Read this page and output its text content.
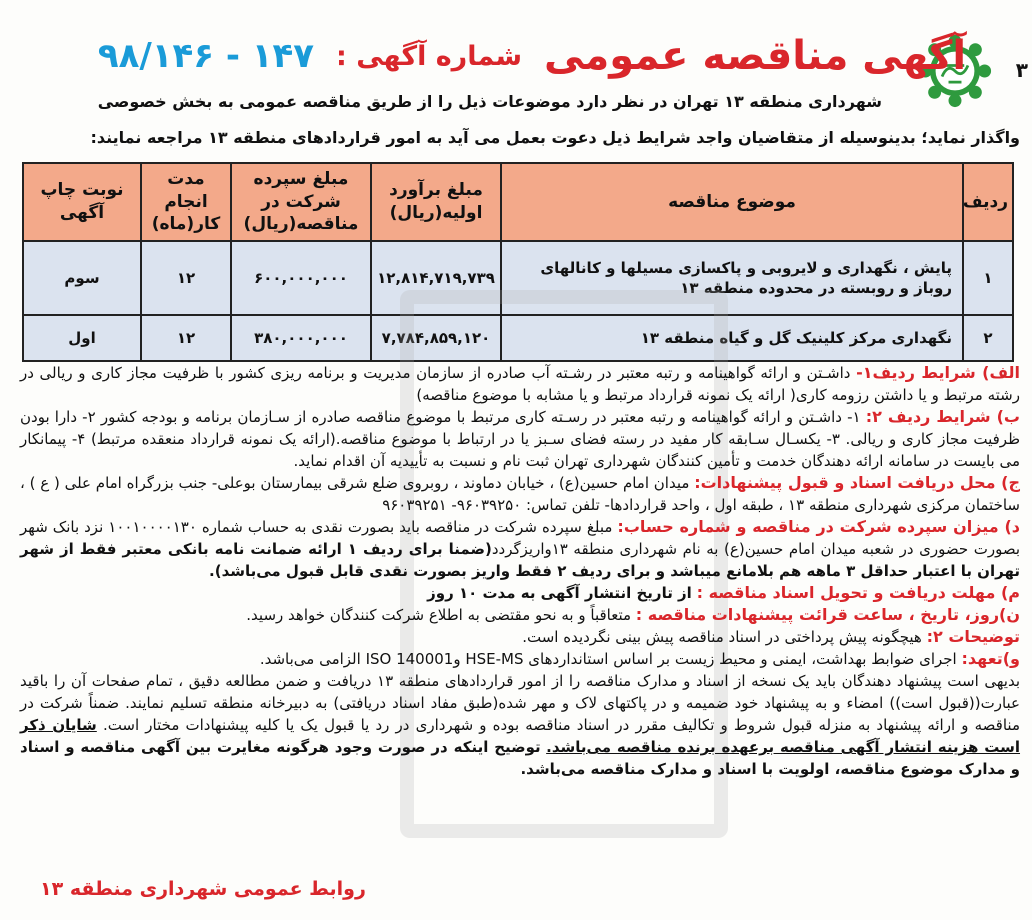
۳
آگهی مناقصه عمومی
شماره آگهی :
۹۸/۱۴۶ - ۱۴۷
شهرداری منطقه ۱۳ تهران در نظر دارد موضوعات ذیل را از طریق مناقصه عمومی به بخش خصوصی
واگذار نماید؛ بدینوسیله از متقاضیان واجد شرایط ذیل دعوت بعمل می آید به امور قراردادهای منطقه ۱۳ مراجعه نمایند:
ردیف	موضوع مناقصه	مبلغ برآورد اولیه(ریال)	مبلغ سپرده شرکت در مناقصه(ریال)	مدت انجام کار(ماه)	نوبت چاپ آگهی
۱	پایش ، نگهداری و لایروبی و پاکسازی مسیلها و کانالهای روباز و روبسته در محدوده منطقه ۱۳	۱۲,۸۱۴,۷۱۹,۷۳۹	۶۰۰,۰۰۰,۰۰۰	۱۲	سوم
۲	نگهداری مرکز کلینیک گل و گیاه منطقه ۱۳	۷,۷۸۴,۸۵۹,۱۲۰	۳۸۰,۰۰۰,۰۰۰	۱۲	اول

الف) شرایط ردیف۱- داشـتن و ارائه گواهینامه و رتبه معتبر در رشـته آب صادره از سازمان مدیریت و برنامه ریزی کشور با ظرفیت مجاز کاری و ریالی در رشته مرتبط و یا داشتن رزومه کاری( ارائه یک نمونه قرارداد مرتبط و یا مشابه با موضوع مناقصه)

ب) شرایط ردیف ۲: ۱- داشـتن و ارائه گواهینامه و رتبه معتبر در رسـته کاری مرتبط با موضوع مناقصه صادره از سـازمان برنامه و بودجه کشور ۲- دارا بودن ظرفیت مجاز کاری و ریالی. ۳- یکسـال سـابقه کار مفید در رسته فضای سـبز یا در ارتباط با موضوع مناقصه.(ارائه یک نمونه قرارداد منعقده مرتبط) ۴- پیمانکار می بایست در سامانه ارائه دهندگان خدمت و تأمین کنندگان شهرداری تهران ثبت نام و نسبت به تأییدیه آن اقدام نماید.

ج) محل دریافت اسناد و قبول پیشنهادات: میدان امام حسین(ع) ، خیابان دماوند ، روبروی ضلع شرقی بیمارستان بوعلی- جنب بزرگراه امام علی ( ع ) ، ساختمان مرکزی شهرداری منطقه ۱۳ ، طبقه اول ، واحد قراردادها- تلفن تماس: ۹۶۰۳۹۲۵۰- ۹۶۰۳۹۲۵۱

د) میزان سپرده شرکت در مناقصه و شماره حساب: مبلغ سپرده شرکت در مناقصه باید بصورت نقدی به حساب شماره ۱۰۰۱۰۰۰۰۱۳۰ نزد بانک شهر بصورت حضوری در شعبه میدان امام حسین(ع) به نام شهرداری منطقه ۱۳واریزگردد(ضمنا برای ردیف ۱ ارائه ضمانت نامه بانکی معتبر فقط از شهر تهران با اعتبار حداقل ۳ ماهه هم بلامانع میباشد و برای ردیف ۲ فقط واریز بصورت نقدی قابل قبول می‌باشد).

م) مهلت دریافت و تحویل اسناد مناقصه : از تاریخ انتشار آگهی به مدت ۱۰ روز

ن)روز، تاریخ ، ساعت قرائت پیشنهادات مناقصه : متعاقباً و به نحو مقتضی به اطلاع شرکت کنندگان خواهد رسید.

توضیحات ۲: هیچگونه پیش پرداختی در اسناد مناقصه پیش بینی نگردیده است.

و)تعهد: اجرای ضوابط بهداشت، ایمنی و محیط زیست بر اساس استانداردهای HSE-MS وISO 140001 الزامی می‌باشد.

بدیهی است پیشنهاد دهندگان باید یک نسخه از اسناد و مدارک مناقصه را از امور قراردادهای منطقه ۱۳ دریافت و ضمن مطالعه دقیق ، تمام صفحات آن را باقید عبارت((قبول است)) امضاء و به پیشنهاد خود ضمیمه و در پاکتهای لاک و مهر شده(طبق مفاد اسناد دریافتی) به دبیرخانه منطقه تسلیم نمایند. ضمناً شرکت در مناقصه و ارائه پیشنهاد به منزله قبول شروط و تکالیف مقرر در اسناد مناقصه بوده و شهرداری در رد یا قبول یک یا کلیه پیشنهادات مختار است. شایان ذکر است هزینه انتشار آگهی مناقصه برعهده برنده مناقصه می‌باشد. توضیح اینکه در صورت وجود هرگونه مغایرت بین آگهی مناقصه و اسناد و مدارک موضوع مناقصه، اولویت با اسناد و مدارک مناقصه می‌باشد.

روابط عمومی شهرداری منطقه ۱۳
